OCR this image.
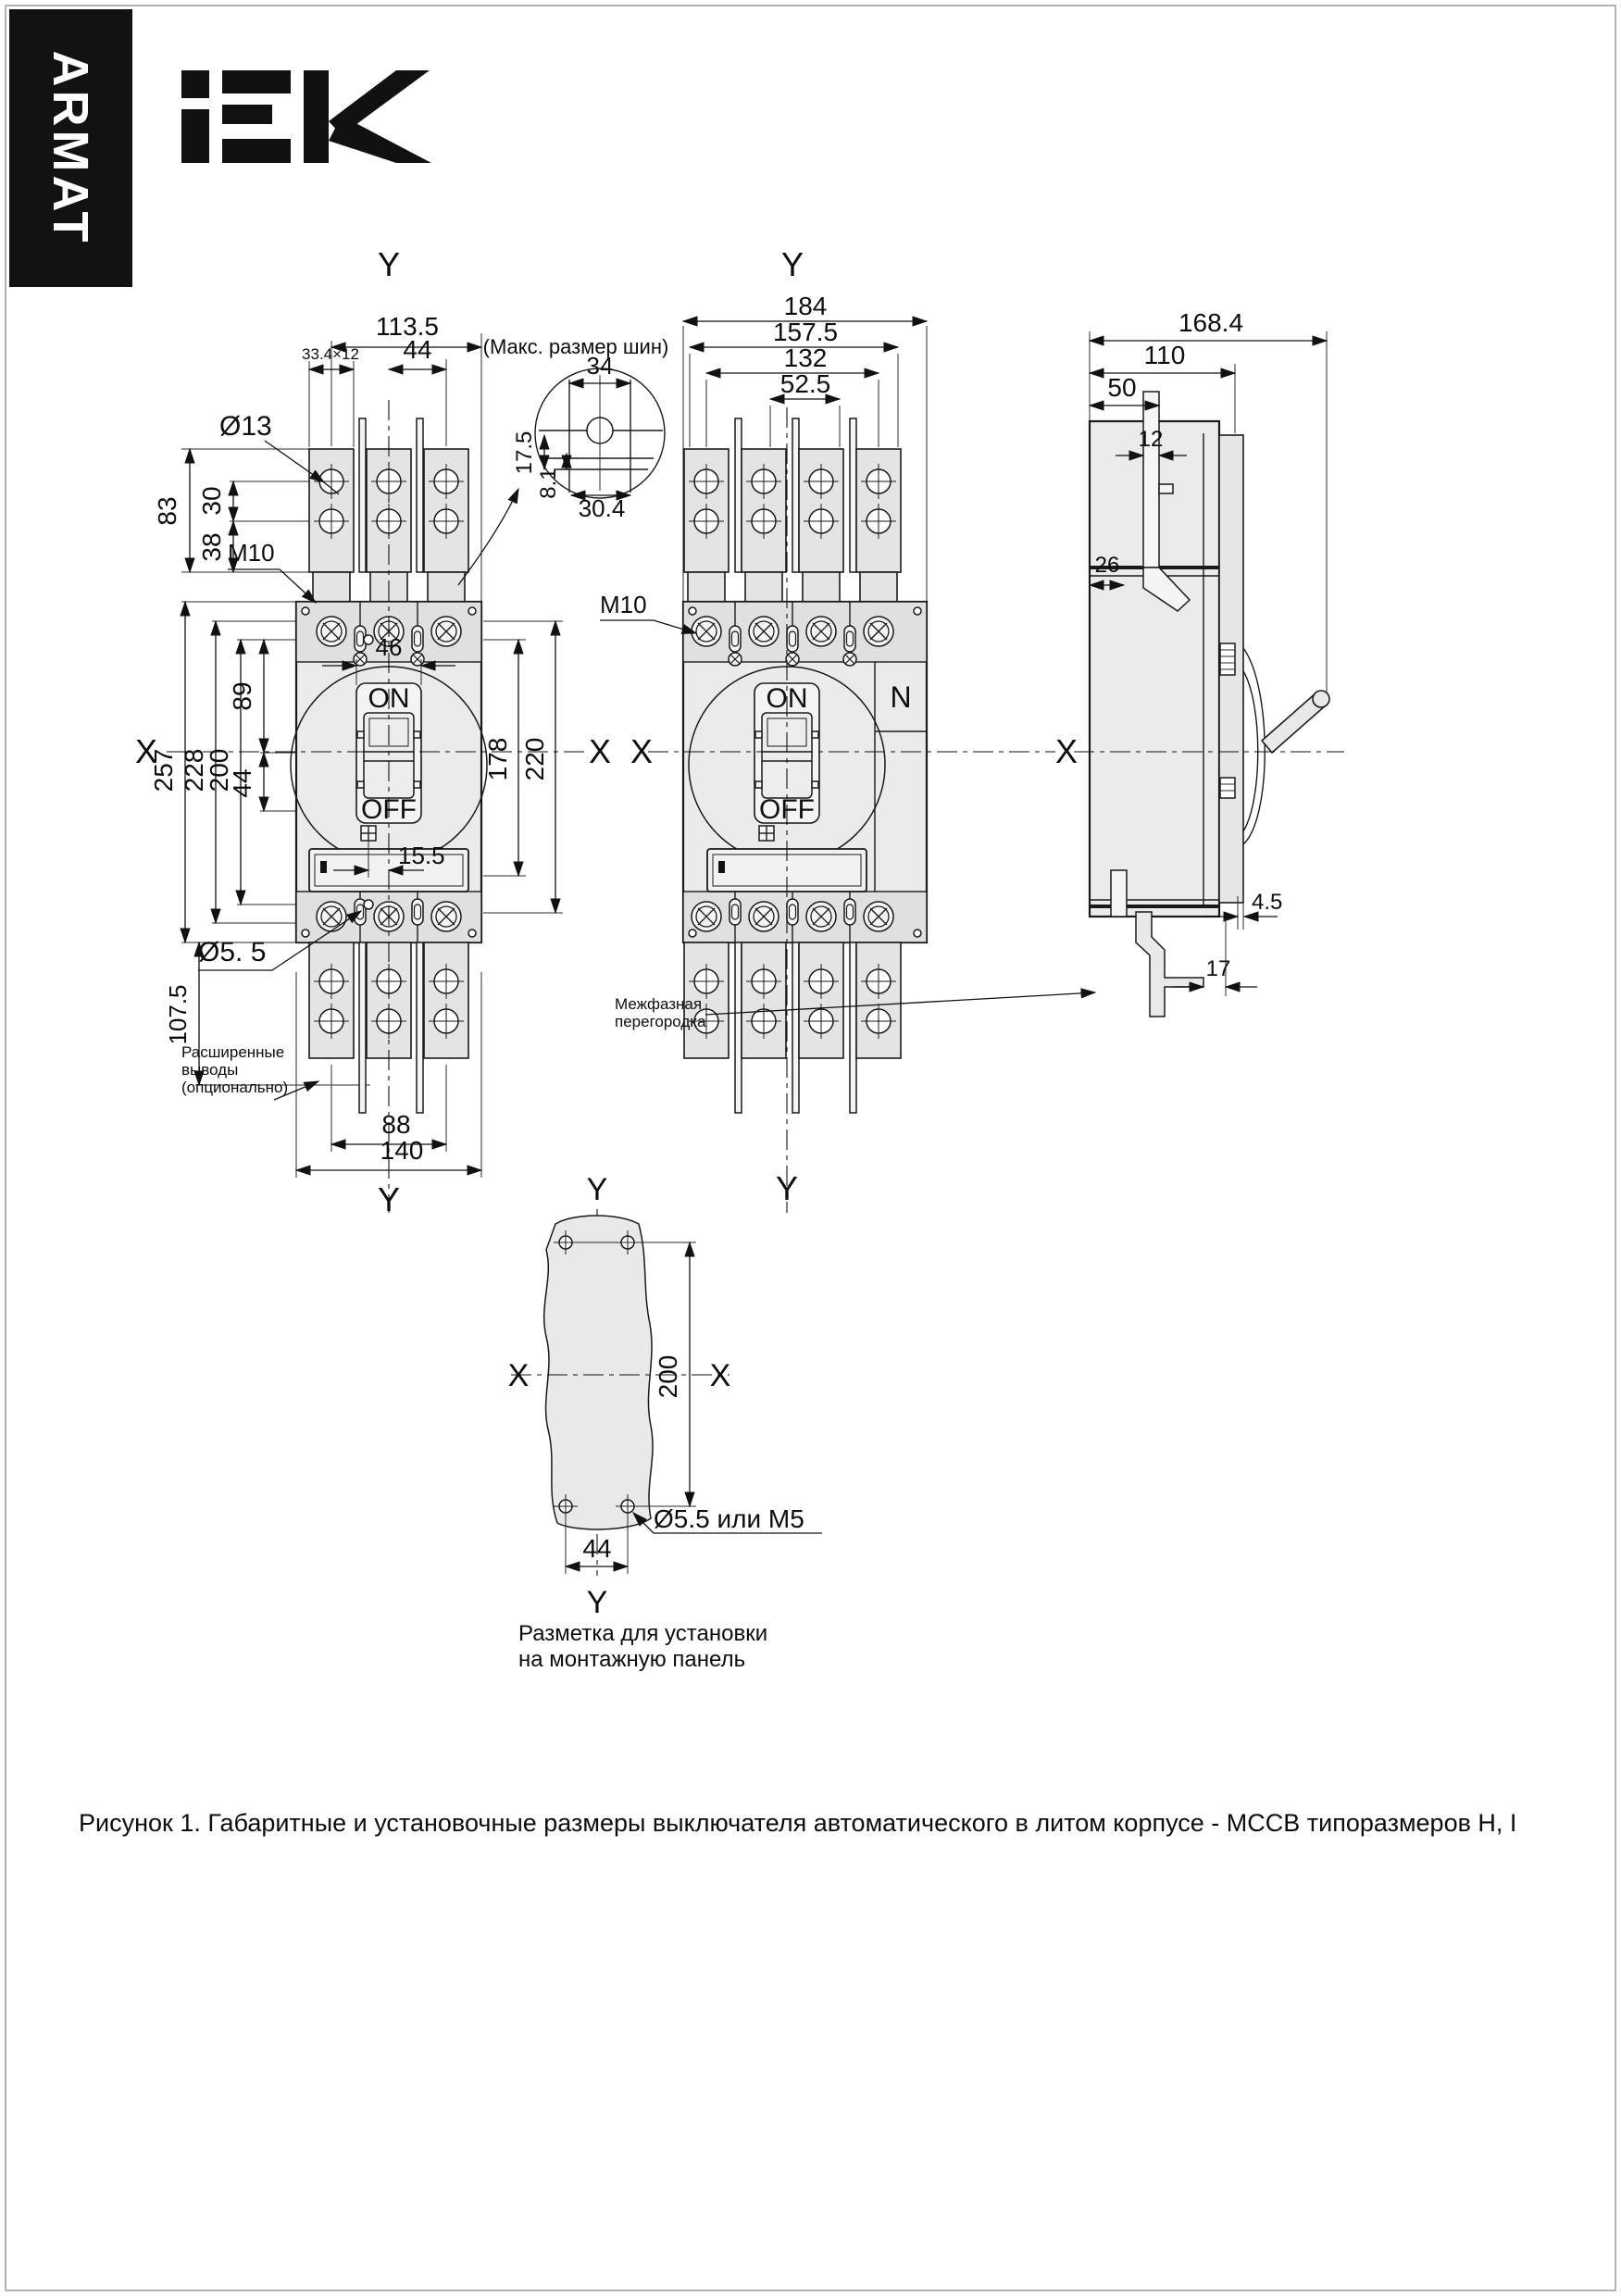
ARMAT
ON
OFF
Y
113.5
33.4×12 44
Ø13
83 30
38 M10
257 228
200
89
44
46
15.5
178 220
X	X
Ø5. 5
107.5
Расширенные
выводы
(опционально)
88
140
Y
(Макс. размер шин)
34
17.5
8.1
30.4
N
ON
OFF
Y
184
157.5
132
52.5
M10
X	X
Y
Межфазная
перегородка
168.4
110
50
12
26
4.5
17
Y
X	X
200
Ø5.5 или M5
44
Y
Разметка для установки
на монтажную панель
Рисунок 1. Габаритные и установочные размеры выключателя автоматического в литом корпусе - MCCB типоразмеров H, I
